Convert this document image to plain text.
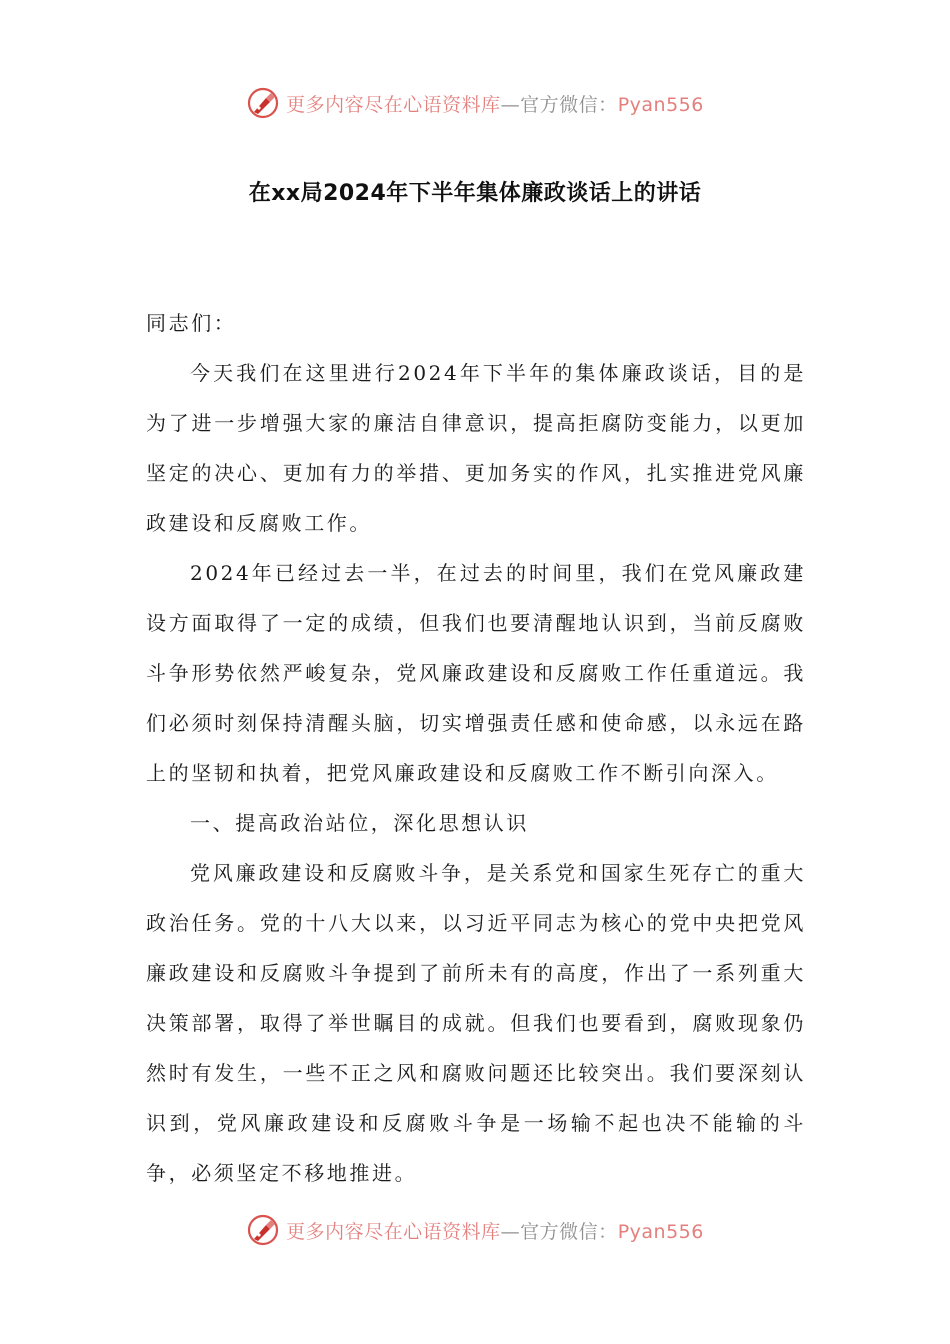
更多内容尽在心语资料库—官方微信：Pyan556
在xx局2024年下半年集体廉政谈话上的讲话

同志们：

今天我们在这里进行2024年下半年的集体廉政谈话，目的是为了进一步增强大家的廉洁自律意识，提高拒腐防变能力，以更加坚定的决心、更加有力的举措、更加务实的作风，扎实推进党风廉政建设和反腐败工作。

2024年已经过去一半，在过去的时间里，我们在党风廉政建设方面取得了一定的成绩，但我们也要清醒地认识到，当前反腐败斗争形势依然严峻复杂，党风廉政建设和反腐败工作任重道远。我们必须时刻保持清醒头脑，切实增强责任感和使命感，以永远在路上的坚韧和执着，把党风廉政建设和反腐败工作不断引向深入。

一、提高政治站位，深化思想认识

党风廉政建设和反腐败斗争，是关系党和国家生死存亡的重大政治任务。党的十八大以来，以习近平同志为核心的党中央把党风廉政建设和反腐败斗争提到了前所未有的高度，作出了一系列重大决策部署，取得了举世瞩目的成就。但我们也要看到，腐败现象仍然时有发生，一些不正之风和腐败问题还比较突出。我们要深刻认识到，党风廉政建设和反腐败斗争是一场输不起也决不能输的斗争，必须坚定不移地推进。

更多内容尽在心语资料库—官方微信：Pyan556
